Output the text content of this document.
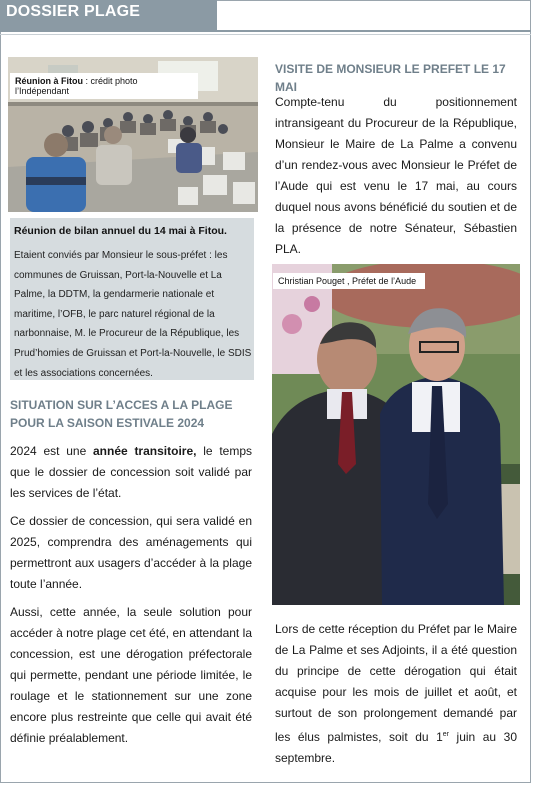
DOSSIER PLAGE
Réunion à Fitou : crédit photo l’Indépendant
Réunion de bilan annuel du 14 mai à Fitou.
Etaient conviés par Monsieur le sous-préfet : les communes de Gruissan, Port-la-Nouvelle et La Palme, la DDTM, la gendarmerie nationale et maritime, l’OFB, le parc naturel régional de la narbonnaise, M. le Procureur de la République, les Prud’homies de Gruissan et Port-la-Nouvelle, le SDIS et les associations concernées.
SITUATION SUR L’ACCES A LA PLAGE POUR LA SAISON ESTIVALE 2024
2024 est une année transitoire, le temps que le dossier de concession soit validé par les services de l’état.
Ce dossier de concession, qui sera validé en 2025, comprendra des aménagements qui permettront aux usagers d’accéder à la plage toute l’année.
Aussi, cette année, la seule solution pour accéder à notre plage cet été, en attendant la concession, est une dérogation préfectorale qui permette, pendant une période limitée, le roulage et le stationnement sur une zone encore plus restreinte que celle qui avait été définie préalablement.
VISITE DE MONSIEUR LE PREFET LE 17 MAI
Compte-tenu du positionnement intransigeant du Procureur de la République, Monsieur le Maire de La Palme a convenu d’un rendez-vous avec Monsieur le Préfet de l’Aude qui est venu le 17 mai, au cours duquel nous avons bénéficié du soutien et de la présence de notre Sénateur, Sébastien PLA.
Christian Pouget , Préfet de l’Aude
Lors de cette réception du Préfet par le Maire de La Palme et ses Adjoints, il a été question du principe de cette dérogation qui était acquise pour les mois de juillet et août, et surtout de son prolongement demandé par les élus palmistes, soit du 1er juin au 30 septembre.
